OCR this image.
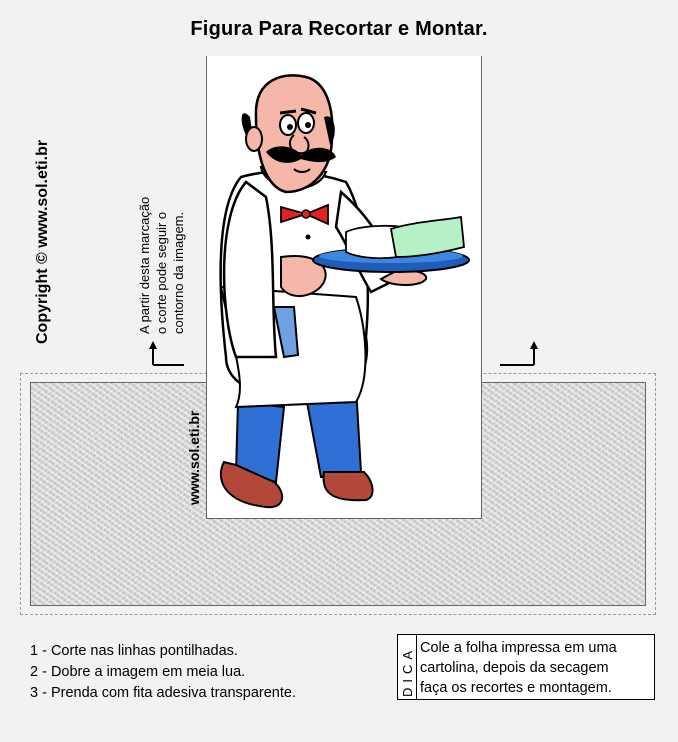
Figura Para Recortar e Montar.
Copyright © www.sol.eti.br	A partir desta marcação o corte pode seguir o contorno da imagem.
www.sol.eti.br
1 - Corte nas linhas pontilhadas.
2 - Dobre a imagem em meia lua.
3 - Prenda com fita adesiva transparente.	DICA Cole a folha impressa em uma
cartolina, depois da secagem
faça os recortes e montagem.
